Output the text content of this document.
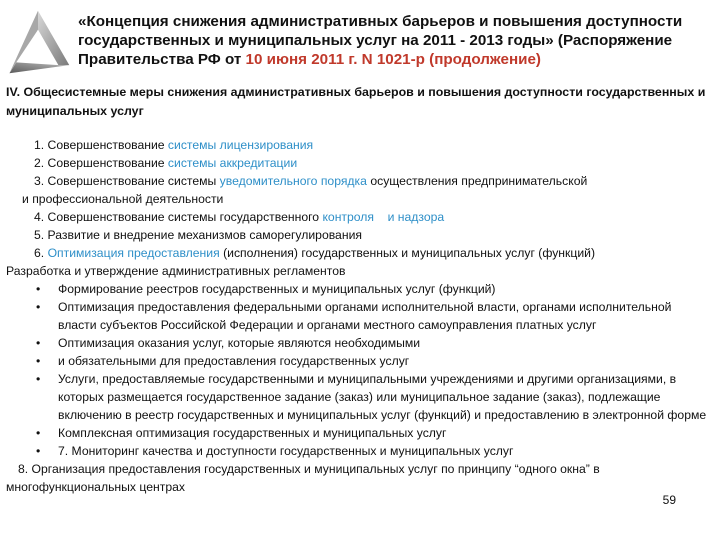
«Концепция снижения административных барьеров и повышения доступности государственных и муниципальных услуг на 2011 - 2013 годы» (Распоряжение Правительства РФ от 10 июня 2011 г. N 1021-р (продолжение)
IV. Общесистемные меры снижения административных барьеров и повышения доступности государственных и муниципальных услуг
1. Совершенствование системы лицензирования
2. Совершенствование системы аккредитации
3. Совершенствование системы уведомительного порядка осуществления предпринимательской
и профессиональной деятельности
4. Совершенствование системы государственного контроля и надзора
5. Развитие и внедрение механизмов саморегулирования
6. Оптимизация предоставления (исполнения) государственных и муниципальных услуг (функций)
Разработка и утверждение административных регламентов
• Формирование реестров государственных и муниципальных услуг (функций)
• Оптимизация предоставления федеральными органами исполнительной власти, органами исполнительной власти субъектов Российской Федерации и органами местного самоуправления платных услуг
• Оптимизация оказания услуг, которые являются необходимыми
• и обязательными для предоставления государственных услуг
• Услуги, предоставляемые государственными и муниципальными учреждениями и другими организациями, в которых размещается государственное задание (заказ) или муниципальное задание (заказ), подлежащие включению в реестр государственных и муниципальных услуг (функций) и предоставлению в электронной форме
• Комплексная оптимизация государственных и муниципальных услуг
• 7. Мониторинг качества и доступности государственных и муниципальных услуг
8. Организация предоставления государственных и муниципальных услуг по принципу “одного окна” в многофункциональных центрах
59
